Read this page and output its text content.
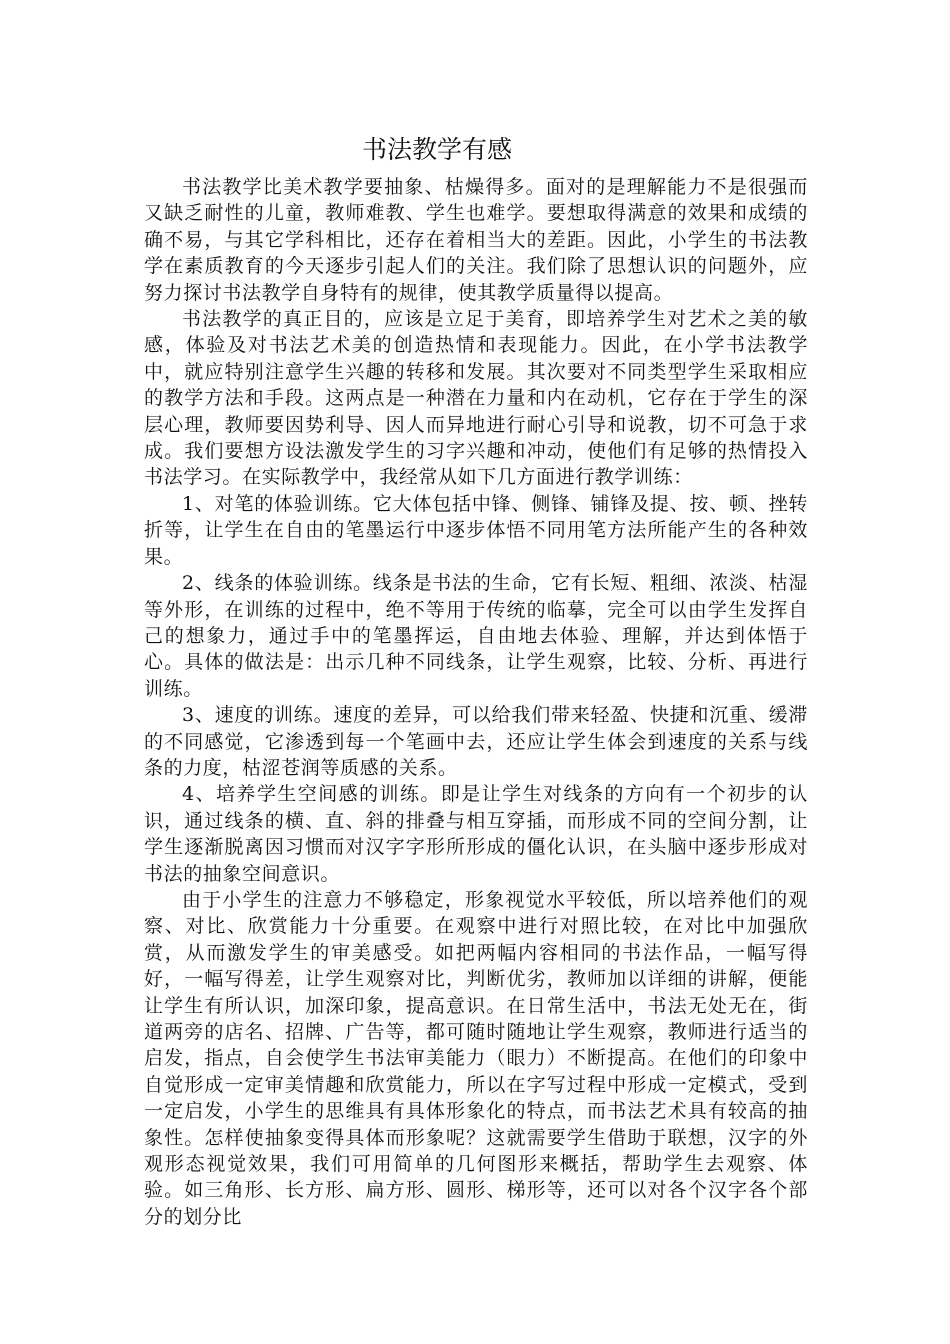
书法教学有感

书法教学比美术教学要抽象、枯燥得多。面对的是理解能力不是很强而又缺乏耐性的儿童，教师难教、学生也难学。要想取得满意的效果和成绩的确不易，与其它学科相比，还存在着相当大的差距。因此，小学生的书法教学在素质教育的今天逐步引起人们的关注。我们除了思想认识的问题外，应努力探讨书法教学自身特有的规律，使其教学质量得以提高。

书法教学的真正目的，应该是立足于美育，即培养学生对艺术之美的敏感，体验及对书法艺术美的创造热情和表现能力。因此，在小学书法教学中，就应特别注意学生兴趣的转移和发展。其次要对不同类型学生采取相应的教学方法和手段。这两点是一种潜在力量和内在动机，它存在于学生的深层心理，教师要因势利导、因人而异地进行耐心引导和说教，切不可急于求成。我们要想方设法激发学生的习字兴趣和冲动，使他们有足够的热情投入书法学习。在实际教学中，我经常从如下几方面进行教学训练：

1、对笔的体验训练。它大体包括中锋、侧锋、铺锋及提、按、顿、挫转折等，让学生在自由的笔墨运行中逐步体悟不同用笔方法所能产生的各种效果。

2、线条的体验训练。线条是书法的生命，它有长短、粗细、浓淡、枯湿等外形，在训练的过程中，绝不等用于传统的临摹，完全可以由学生发挥自己的想象力，通过手中的笔墨挥运，自由地去体验、理解，并达到体悟于心。具体的做法是：出示几种不同线条，让学生观察，比较、分析、再进行训练。

3、速度的训练。速度的差异，可以给我们带来轻盈、快捷和沉重、缓滞的不同感觉，它渗透到每一个笔画中去，还应让学生体会到速度的关系与线条的力度，枯涩苍润等质感的关系。

4、培养学生空间感的训练。即是让学生对线条的方向有一个初步的认识，通过线条的横、直、斜的排叠与相互穿插，而形成不同的空间分割，让学生逐渐脱离因习惯而对汉字字形所形成的僵化认识，在头脑中逐步形成对书法的抽象空间意识。

由于小学生的注意力不够稳定，形象视觉水平较低，所以培养他们的观察、对比、欣赏能力十分重要。在观察中进行对照比较，在对比中加强欣赏，从而激发学生的审美感受。如把两幅内容相同的书法作品，一幅写得好，一幅写得差，让学生观察对比，判断优劣，教师加以详细的讲解，便能让学生有所认识，加深印象，提高意识。在日常生活中，书法无处无在，街道两旁的店名、招牌、广告等，都可随时随地让学生观察，教师进行适当的启发，指点，自会使学生书法审美能力（眼力）不断提高。在他们的印象中自觉形成一定审美情趣和欣赏能力，所以在字写过程中形成一定模式，受到一定启发，小学生的思维具有具体形象化的特点，而书法艺术具有较高的抽象性。怎样使抽象变得具体而形象呢？这就需要学生借助于联想，汉字的外观形态视觉效果，我们可用简单的几何图形来概括，帮助学生去观察、体验。如三角形、长方形、扁方形、圆形、梯形等，还可以对各个汉字各个部分的划分比
